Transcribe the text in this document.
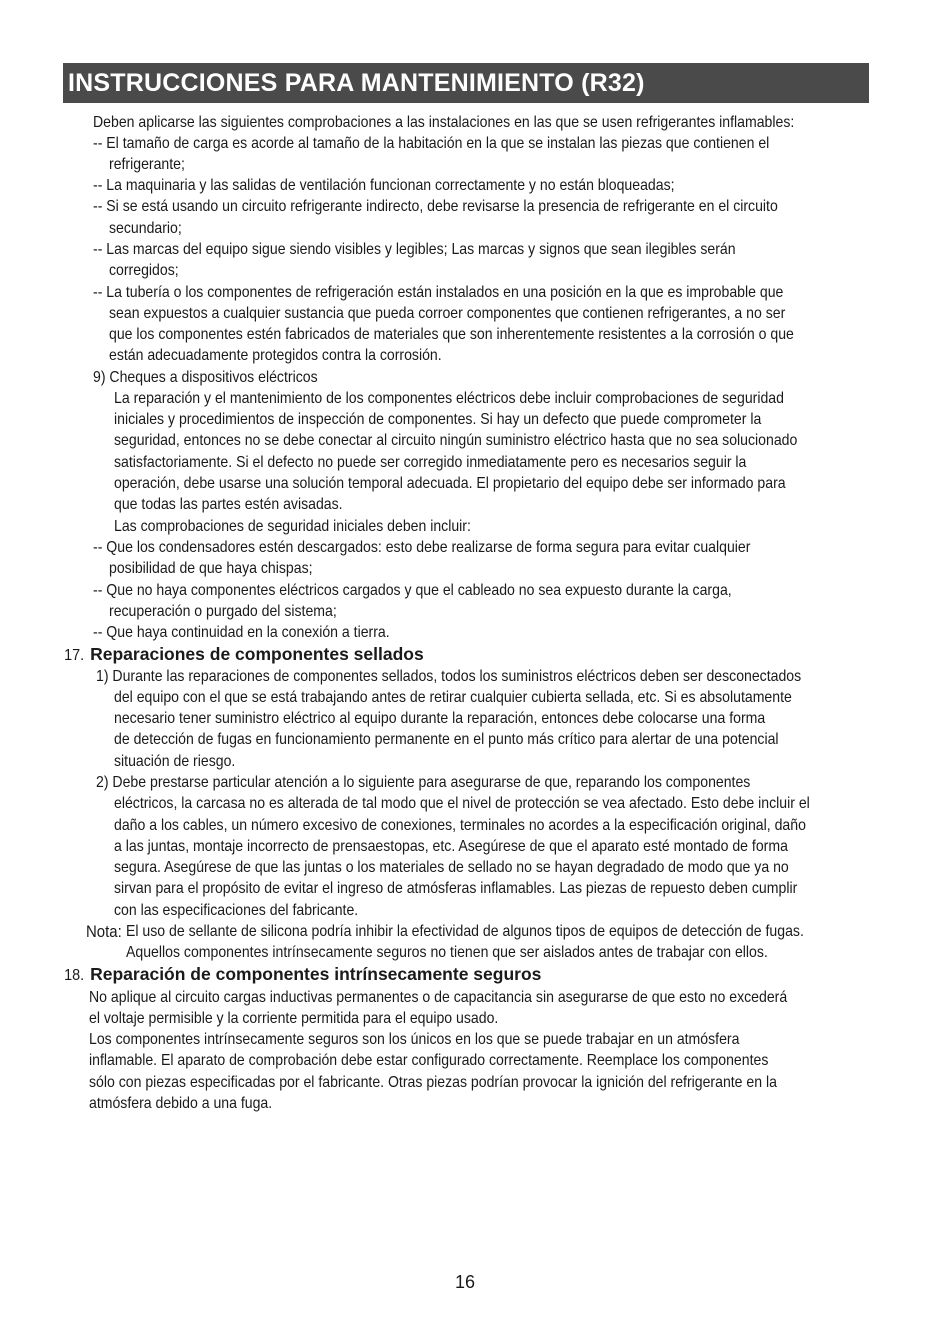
INSTRUCCIONES PARA MANTENIMIENTO (R32)
Deben aplicarse las siguientes comprobaciones a las instalaciones en las que se usen refrigerantes inflamables:
-- El tamaño de carga es acorde al tamaño de la habitación en la que se instalan las piezas que contienen el
refrigerante;
-- La maquinaria y las salidas de ventilación funcionan correctamente y no están bloqueadas;
-- Si se está usando un circuito refrigerante indirecto, debe revisarse la presencia de refrigerante en el circuito
secundario;
-- Las marcas del equipo sigue siendo visibles y legibles; Las marcas y signos que sean ilegibles serán
corregidos;
-- La tubería o los componentes de refrigeración están instalados en una posición en la que es improbable que
sean expuestos a cualquier sustancia que pueda corroer componentes que contienen refrigerantes, a no ser
que los componentes estén fabricados de materiales que son inherentemente resistentes a la corrosión o que
están adecuadamente protegidos contra la corrosión.
9) Cheques a dispositivos eléctricos
La reparación y el mantenimiento de los componentes eléctricos debe incluir comprobaciones de seguridad
iniciales y procedimientos de inspección de componentes. Si hay un defecto que puede comprometer la
seguridad, entonces no se debe conectar al circuito ningún suministro eléctrico hasta que no sea solucionado
satisfactoriamente. Si el defecto no puede ser corregido inmediatamente pero es necesarios seguir la
operación, debe usarse una solución temporal adecuada. El propietario del equipo debe ser informado para
que todas las partes estén avisadas.
Las comprobaciones de seguridad iniciales deben incluir:
-- Que los condensadores estén descargados: esto debe realizarse de forma segura para evitar cualquier
posibilidad de que haya chispas;
-- Que no haya componentes eléctricos cargados y que el cableado no sea expuesto durante la carga,
recuperación o purgado del sistema;
-- Que haya continuidad en la conexión a tierra.
17. Reparaciones de componentes sellados
1) Durante las reparaciones de componentes sellados, todos los suministros eléctricos deben ser desconectados
del equipo con el que se está trabajando antes de retirar cualquier cubierta sellada, etc. Si es absolutamente
necesario tener suministro eléctrico al equipo durante la reparación, entonces debe colocarse una forma
de detección de fugas en funcionamiento permanente en el punto más crítico para alertar de una potencial
situación de riesgo.
2) Debe prestarse particular atención a lo siguiente para asegurarse de que, reparando los componentes
eléctricos, la carcasa no es alterada de tal modo que el nivel de protección se vea afectado. Esto debe incluir el
daño a los cables, un número excesivo de conexiones, terminales no acordes a la especificación original, daño
a las juntas, montaje incorrecto de prensaestopas, etc. Asegúrese de que el aparato esté montado de forma
segura. Asegúrese de que las juntas o los materiales de sellado no se hayan degradado de modo que ya no
sirvan para el propósito de evitar el ingreso de atmósferas inflamables. Las piezas de repuesto deben cumplir
con las especificaciones del fabricante.
Nota: El uso de sellante de silicona podría inhibir la efectividad de algunos tipos de equipos de detección de fugas.
Aquellos componentes intrínsecamente seguros no tienen que ser aislados antes de trabajar con ellos.
18. Reparación de componentes intrínsecamente seguros
No aplique al circuito cargas inductivas permanentes o de capacitancia sin asegurarse de que esto no excederá
el voltaje permisible y la corriente permitida para el equipo usado.
Los componentes intrínsecamente seguros son los únicos en los que se puede trabajar en un atmósfera
inflamable. El aparato de comprobación debe estar configurado correctamente. Reemplace los componentes
sólo con piezas especificadas por el fabricante. Otras piezas podrían provocar la ignición del refrigerante en la
atmósfera debido a una fuga.
16
